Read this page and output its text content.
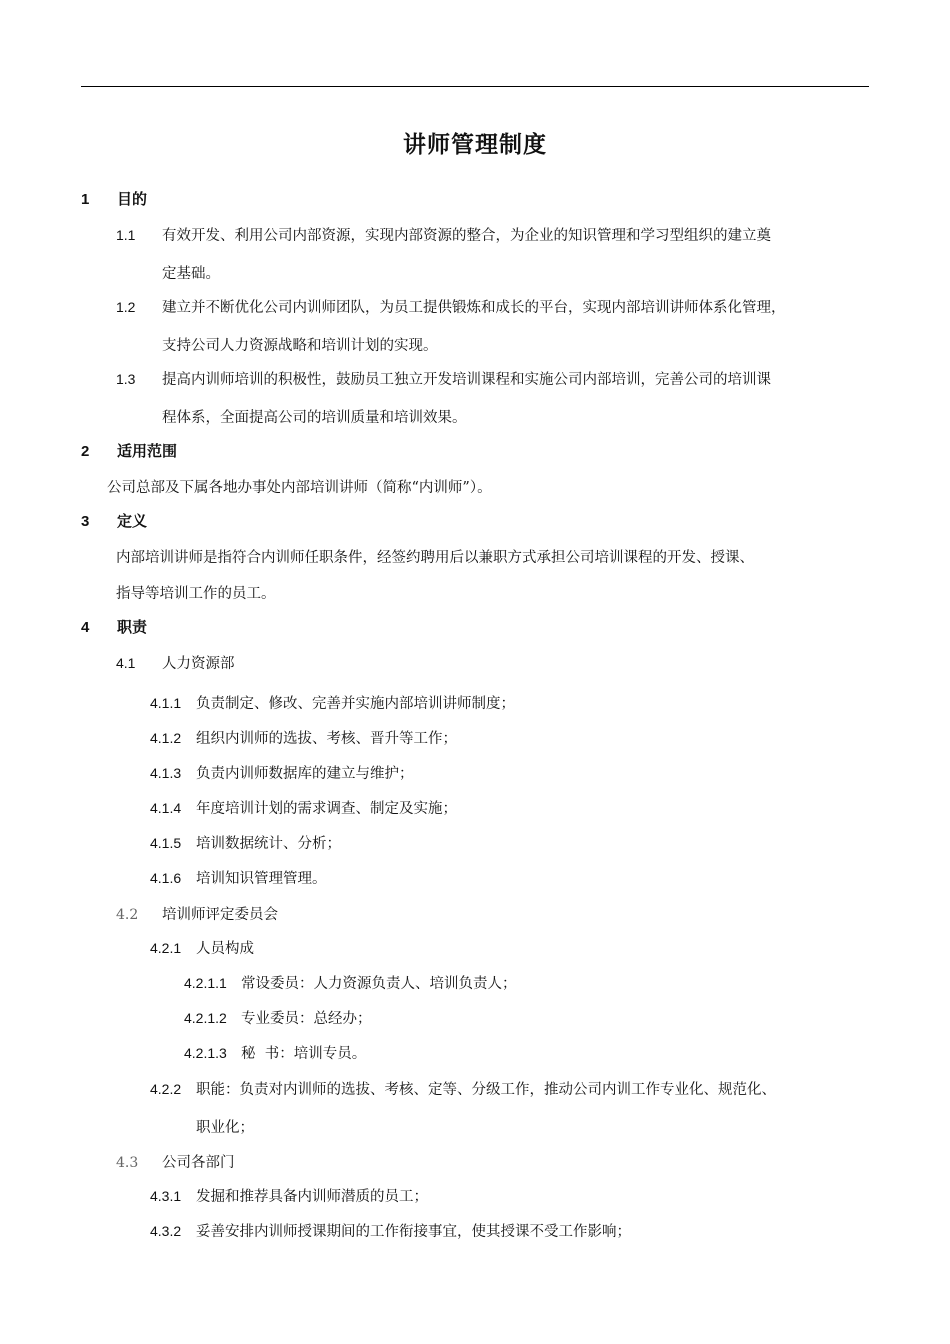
讲师管理制度
1 目的
1.1 有效开发、利用公司内部资源，实现内部资源的整合，为企业的知识管理和学习型组织的建立奠
定基础。
1.2 建立并不断优化公司内训师团队，为员工提供锻炼和成长的平台，实现内部培训讲师体系化管理，
支持公司人力资源战略和培训计划的实现。
1.3 提高内训师培训的积极性，鼓励员工独立开发培训课程和实施公司内部培训，完善公司的培训课
程体系，全面提高公司的培训质量和培训效果。
2 适用范围
公司总部及下属各地办事处内部培训讲师（简称“内训师”）。
3 定义
内部培训讲师是指符合内训师任职条件，经签约聘用后以兼职方式承担公司培训课程的开发、授课、
指导等培训工作的员工。
4 职责
4.1 人力资源部
4.1.1 负责制定、修改、完善并实施内部培训讲师制度；
4.1.2 组织内训师的选拔、考核、晋升等工作；
4.1.3 负责内训师数据库的建立与维护；
4.1.4 年度培训计划的需求调查、制定及实施；
4.1.5 培训数据统计、分析；
4.1.6 培训知识管理管理。
4.2 培训师评定委员会
4.2.1 人员构成
4.2.1.1 常设委员：人力资源负责人、培训负责人；
4.2.1.2 专业委员：总经办；
4.2.1.3 秘  书：培训专员。
4.2.2 职能：负责对内训师的选拔、考核、定等、分级工作，推动公司内训工作专业化、规范化、
职业化；
4.3 公司各部门
4.3.1 发掘和推荐具备内训师潜质的员工；
4.3.2 妥善安排内训师授课期间的工作衔接事宜，使其授课不受工作影响；
